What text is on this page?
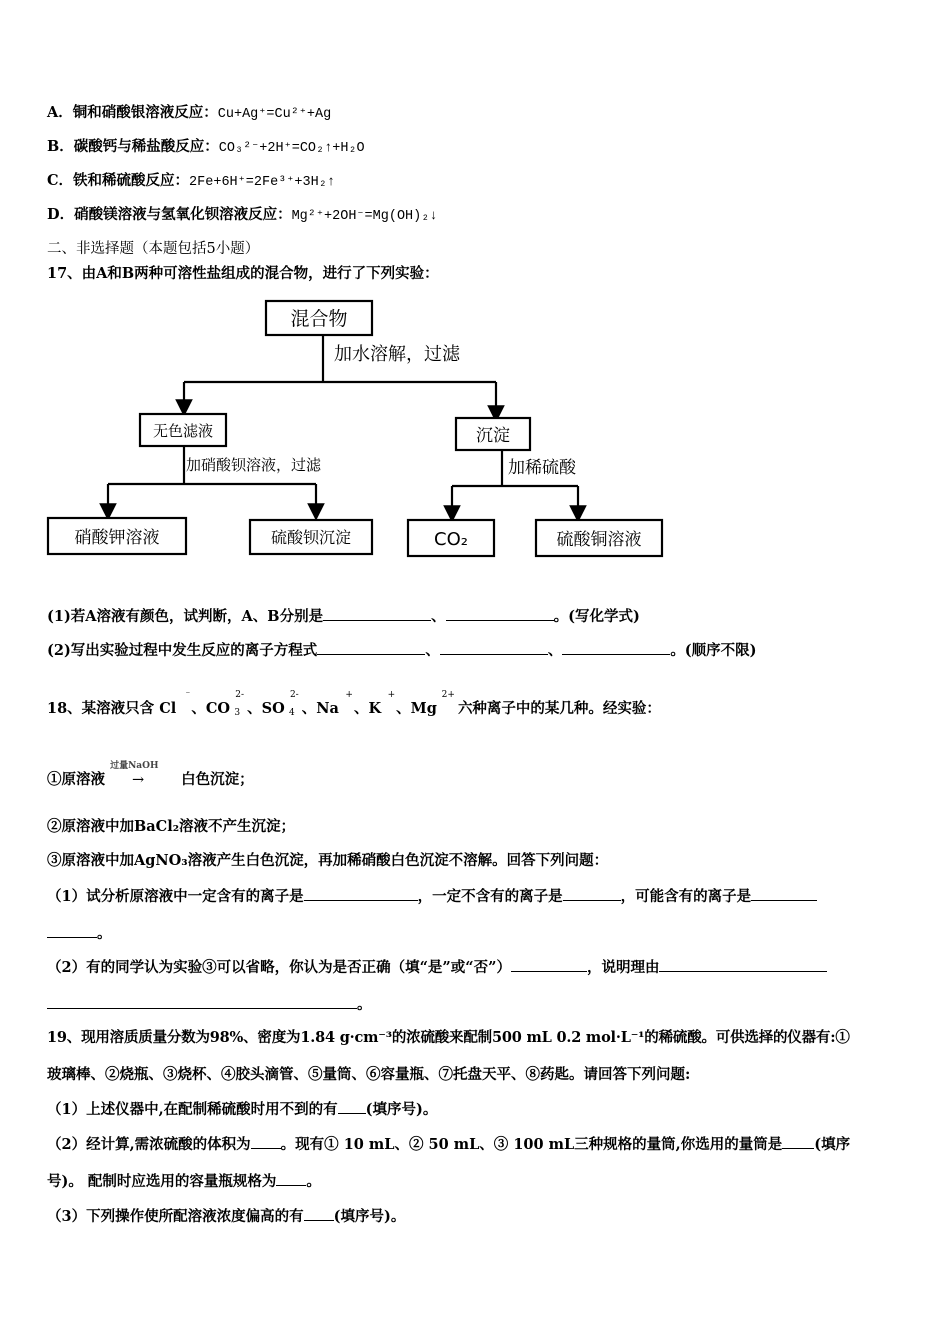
A．铜和硝酸银溶液反应：Cu+Ag⁺=Cu²⁺+Ag
B．碳酸钙与稀盐酸反应：CO₃²⁻+2H⁺=CO₂↑+H₂O
C．铁和稀硫酸反应：2Fe+6H⁺=2Fe³⁺+3H₂↑
D．硝酸镁溶液与氢氧化钡溶液反应：Mg²⁺+2OH⁻=Mg(OH)₂↓
二、非选择题（本题包括5小题）
17、由A和B两种可溶性盐组成的混合物，进行了下列实验：
混合物
加水溶解，过滤
无色滤液	沉淀
加硝酸钡溶液，过滤	加稀硫酸
硝酸钾溶液	硫酸钡沉淀	CO₂	硫酸铜溶液
(1)若A溶液有颜色，试判断，A、B分别是	、	。(写化学式)
(2)写出实验过程中发生反应的离子方程式	、	、	。(顺序不限)
18、某溶液只含 Cl
⁻
、CO
2-
3 、SO
2-
4 、Na
+
、K
+
、Mg
2+
六种离子中的某几种。经实验：
①原溶液
过量NaOH
→	白色沉淀；
②原溶液中加BaCl₂溶液不产生沉淀；
③原溶液中加AgNO₃溶液产生白色沉淀，再加稀硝酸白色沉淀不溶解。回答下列问题：
（1）试分析原溶液中一定含有的离子是	，一定不含有的离子是	，可能含有的离子是
。
（2）有的同学认为实验③可以省略，你认为是否正确（填“是”或“否”）	，说明理由
。
19、现用溶质质量分数为98%、密度为1.84 g·cm⁻³的浓硫酸来配制500 mL 0.2 mol·L⁻¹的稀硫酸。可供选择的仪器有:①
玻璃棒、②烧瓶、③烧杯、④胶头滴管、⑤量筒、⑥容量瓶、⑦托盘天平、⑧药匙。请回答下列问题:
（1）上述仪器中,在配制稀硫酸时用不到的有 (填序号)。
（2）经计算,需浓硫酸的体积为 。现有① 10 mL、② 50 mL、③ 100 mL三种规格的量筒,你选用的量筒是 (填序
号)。 配制时应选用的容量瓶规格为 。
（3）下列操作使所配溶液浓度偏高的有 (填序号)。
